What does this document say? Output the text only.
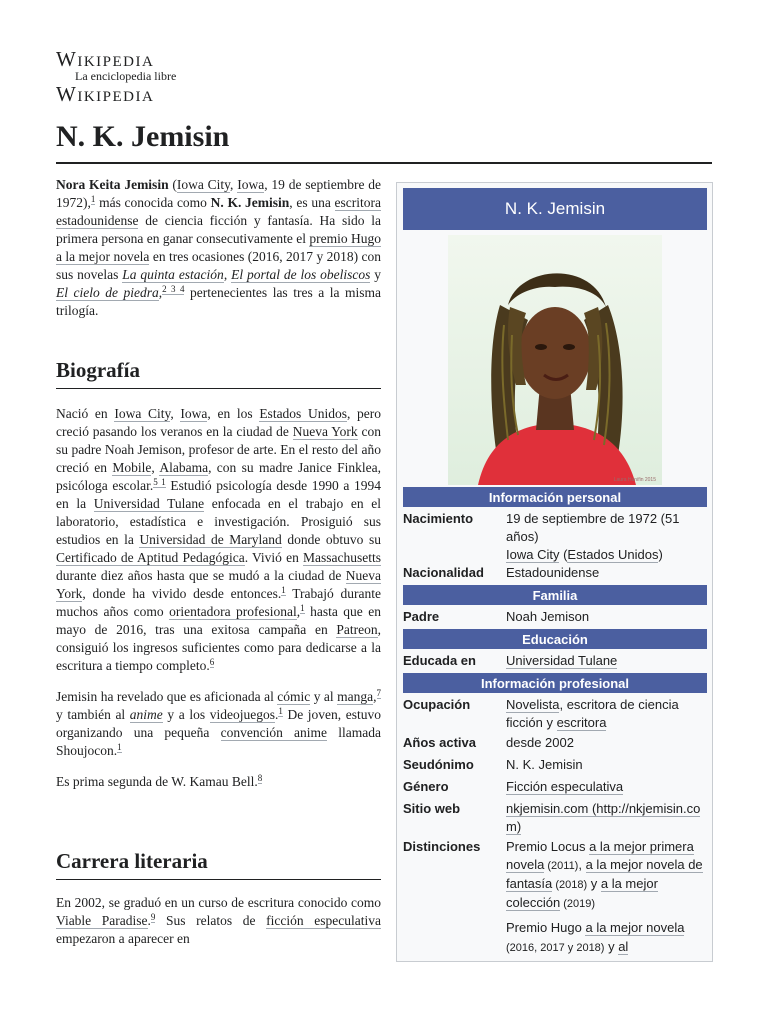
Wikipedia
La enciclopedia libre
Wikipedia
N. K. Jemisin

Nora Keita Jemisin (Iowa City, Iowa, 19 de septiembre de 1972),$^1$ más conocida como N. K. Jemisin, es una escritora estadounidense de ciencia ficción y fantasía. Ha sido la primera persona en ganar consecutivamente el premio Hugo a la mejor novela en tres ocasiones (2016, 2017 y 2018) con sus novelas La quinta estación, El portal de los obeliscos y El cielo de piedra,$^{2 3 4}$ pertenecientes las tres a la misma trilogía.

Biografía

Nació en Iowa City, Iowa, en los Estados Unidos, pero creció pasando los veranos en la ciudad de Nueva York con su padre Noah Jemison, profesor de arte. En el resto del año creció en Mobile, Alabama, con su madre Janice Finklea, psicóloga escolar.$^{5 1}$ Estudió psicología desde 1990 a 1994 en la Universidad Tulane enfocada en el trabajo en el laboratorio, estadística e investigación. Prosiguió sus estudios en la Universidad de Maryland donde obtuvo su Certificado de Aptitud Pedagógica. Vivió en Massachusetts durante diez años hasta que se mudó a la ciudad de Nueva York, donde ha vivido desde entonces.$^1$ Trabajó durante muchos años como orientadora profesional,$^1$ hasta que en mayo de 2016, tras una exitosa campaña en Patreon, consiguió los ingresos suficientes como para dedicarse a la escritura a tiempo completo.$^6$

Jemisin ha revelado que es aficionada al cómic y al manga,$^7$ y también al anime y a los videojuegos.$^1$ De joven, estuvo organizando una pequeña convención anime llamada Shoujocon.$^1$

Es prima segunda de W. Kamau Bell.$^8$

Carrera literaria

En 2002, se graduó en un curso de escritura conocido como Viable Paradise.$^9$ Sus relatos de ficción especulativa empezaron a aparecer en

N. K. Jemisin
Laura Hanifin 2015
Información personal
Nacimiento	19 de septiembre de 1972 (51 años)
Iowa City (Estados Unidos)
Nacionalidad	Estadounidense
Familia
Padre	Noah Jemison
Educación
Educada en	Universidad Tulane
Información profesional
Ocupación	Novelista, escritora de ciencia ficción y escritora
Años activa	desde 2002
Seudónimo	N. K. Jemisin
Género	Ficción especulativa
Sitio web	nkjemisin.com (http://nkjemisin.com)
Distinciones	Premio Locus a la mejor primera novela (2011), a la mejor novela de fantasía (2018) y a la mejor colección (2019)
Premio Hugo a la mejor novela (2016, 2017 y 2018) y al
